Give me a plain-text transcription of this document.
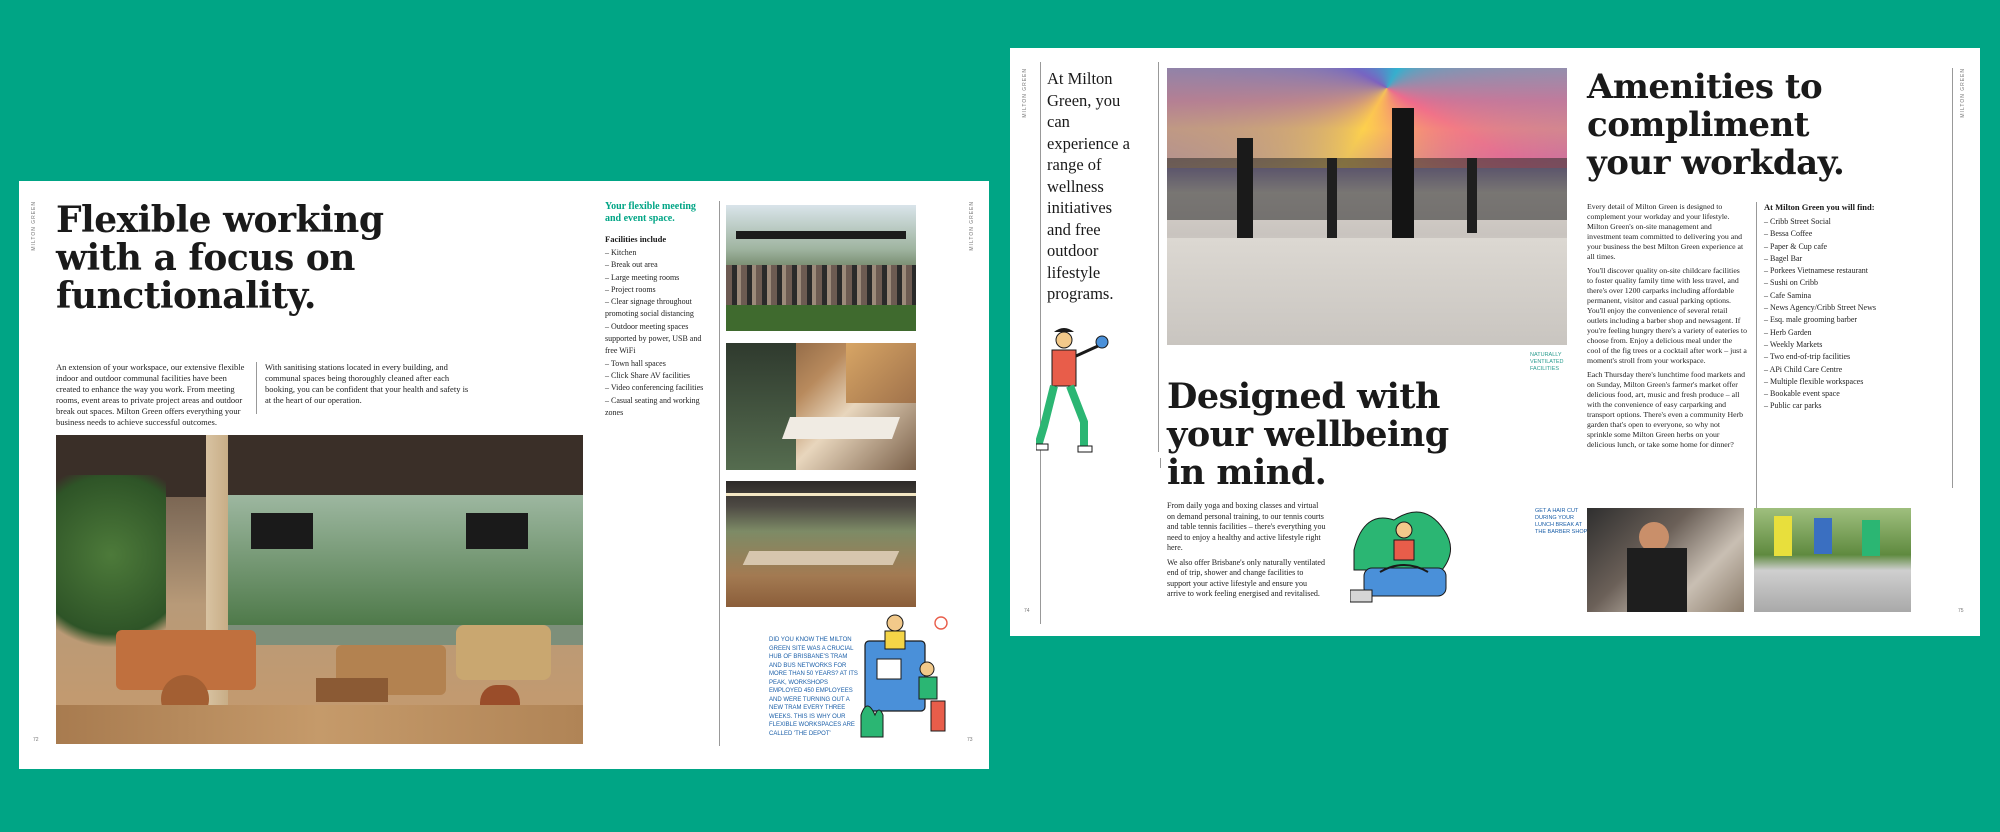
MILTON GREEN	MILTON GREEN
72	73
Flexible working with a focus on functionality.

An extension of your workspace, our extensive flexible indoor and outdoor communal facilities have been created to enhance the way you work. From meeting rooms, event areas to private project areas and outdoor break out spaces. Milton Green offers everything your business needs to achieve successful outcomes.

With sanitising stations located in every building, and communal spaces being thoroughly cleaned after each booking, you can be confident that your health and safety is at the heart of our operation.

Your flexible meeting and event space.
Facilities include
– Kitchen
– Break out area
– Large meeting rooms
– Project rooms
– Clear signage throughout promoting social distancing
– Outdoor meeting spaces supported by power, USB and free WiFi
– Town hall spaces
– Click Share AV facilities
– Video conferencing facilities
– Casual seating and working zones
DID YOU KNOW THE MILTON GREEN SITE WAS A CRUCIAL HUB OF BRISBANE'S TRAM AND BUS NETWORKS FOR MORE THAN 50 YEARS? AT ITS PEAK, WORKSHOPS EMPLOYED 450 EMPLOYEES AND WERE TURNING OUT A NEW TRAM EVERY THREE WEEKS. THIS IS WHY OUR FLEXIBLE WORKSPACES ARE CALLED 'THE DEPOT'
MILTON GREEN	MILTON GREEN
74	75
At Milton Green, you can experience a range of wellness initiatives and free outdoor lifestyle programs.
NATURALLY VENTILATED FACILITIES
Designed with your wellbeing in mind.

From daily yoga and boxing classes and virtual on demand personal training, to our tennis courts and table tennis facilities – there's everything you need to enjoy a healthy and active lifestyle right here.

We also offer Brisbane's only naturally ventilated end of trip, shower and change facilities to support your active lifestyle and ensure you arrive to work feeling energised and revitalised.

Amenities to compliment your workday.

Every detail of Milton Green is designed to complement your workday and your lifestyle. Milton Green's on-site management and investment team committed to delivering you and your business the best Milton Green experience at all times.

You'll discover quality on-site childcare facilities to foster quality family time with less travel, and there's over 1200 carparks including affordable permanent, visitor and casual parking options. You'll enjoy the convenience of several retail outlets including a barber shop and newsagent. If you're feeling hungry there's a variety of eateries to choose from. Enjoy a delicious meal under the cool of the fig trees or a cocktail after work – just a moment's stroll from your workspace.

Each Thursday there's lunchtime food markets and on Sunday, Milton Green's farmer's market offer delicious food, art, music and fresh produce – all with the convenience of easy carparking and transport options. There's even a community Herb garden that's open to everyone, so why not sprinkle some Milton Green herbs on your delicious lunch, or take some home for dinner?

At Milton Green you will find:
– Cribb Street Social
– Bessa Coffee
– Paper & Cup cafe
– Bagel Bar
– Porkees Vietnamese restaurant
– Sushi on Cribb
– Cafe Samina
– News Agency/Cribb Street News
– Esq. male grooming barber
– Herb Garden
– Weekly Markets
– Two end-of-trip facilities
– APi Child Care Centre
– Multiple flexible workspaces
– Bookable event space
– Public car parks
GET A HAIR CUT DURING YOUR LUNCH BREAK AT THE BARBER SHOP
